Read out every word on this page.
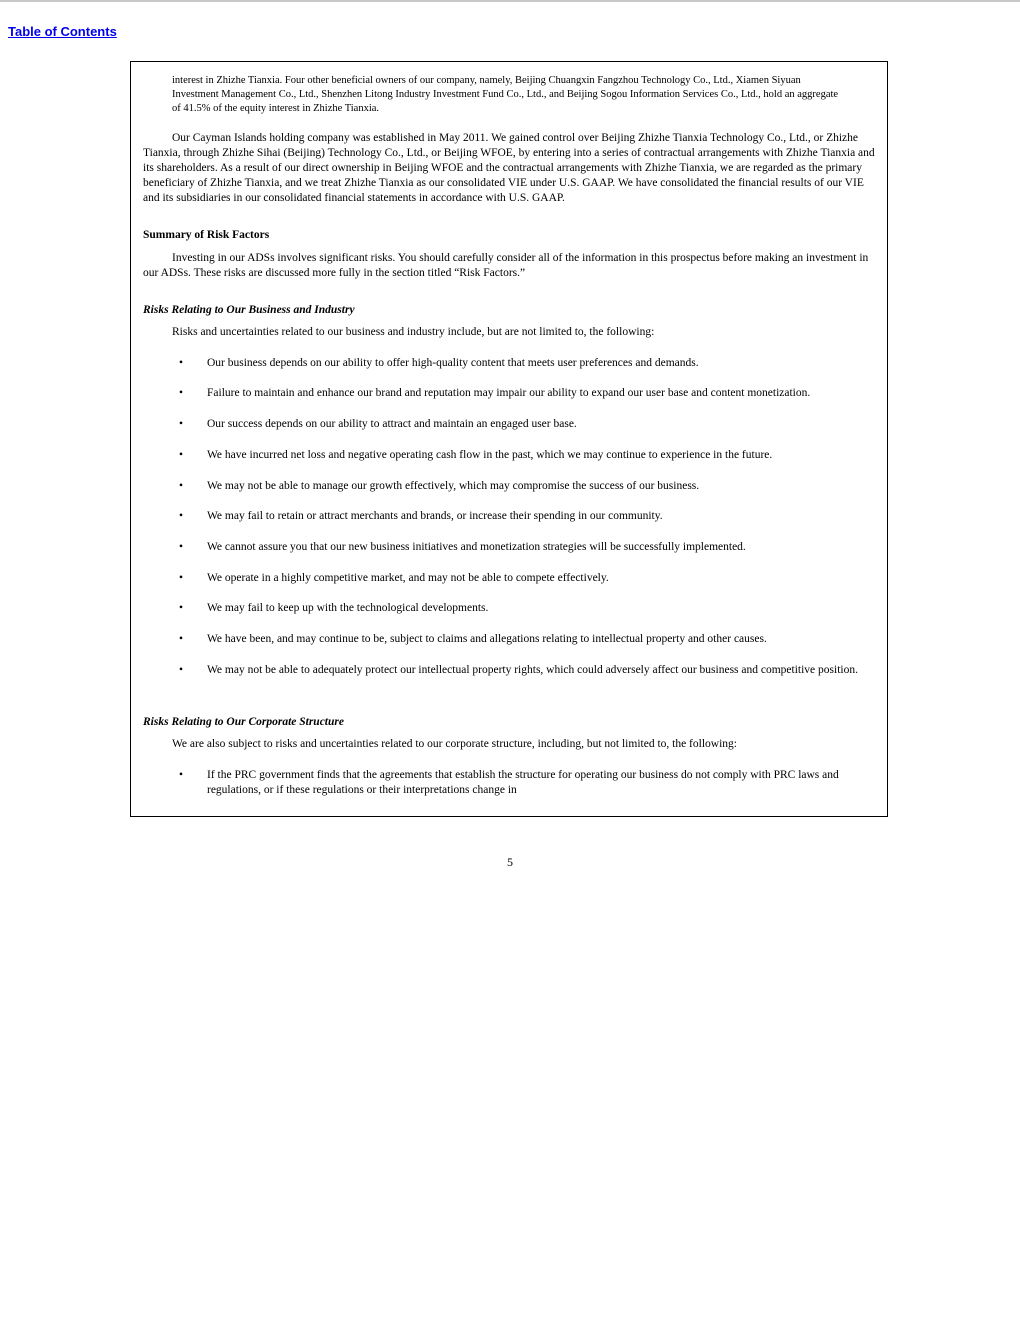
Table of Contents

interest in Zhizhe Tianxia. Four other beneficial owners of our company, namely, Beijing Chuangxin Fangzhou Technology Co., Ltd., Xiamen Siyuan Investment Management Co., Ltd., Shenzhen Litong Industry Investment Fund Co., Ltd., and Beijing Sogou Information Services Co., Ltd., hold an aggregate of 41.5% of the equity interest in Zhizhe Tianxia.

Our Cayman Islands holding company was established in May 2011. We gained control over Beijing Zhizhe Tianxia Technology Co., Ltd., or Zhizhe Tianxia, through Zhizhe Sihai (Beijing) Technology Co., Ltd., or Beijing WFOE, by entering into a series of contractual arrangements with Zhizhe Tianxia and its shareholders. As a result of our direct ownership in Beijing WFOE and the contractual arrangements with Zhizhe Tianxia, we are regarded as the primary beneficiary of Zhizhe Tianxia, and we treat Zhizhe Tianxia as our consolidated VIE under U.S. GAAP. We have consolidated the financial results of our VIE and its subsidiaries in our consolidated financial statements in accordance with U.S. GAAP.

Summary of Risk Factors

Investing in our ADSs involves significant risks. You should carefully consider all of the information in this prospectus before making an investment in our ADSs. These risks are discussed more fully in the section titled “Risk Factors.”

Risks Relating to Our Business and Industry

Risks and uncertainties related to our business and industry include, but are not limited to, the following:

• Our business depends on our ability to offer high-quality content that meets user preferences and demands.
• Failure to maintain and enhance our brand and reputation may impair our ability to expand our user base and content monetization.
• Our success depends on our ability to attract and maintain an engaged user base.
• We have incurred net loss and negative operating cash flow in the past, which we may continue to experience in the future.
• We may not be able to manage our growth effectively, which may compromise the success of our business.
• We may fail to retain or attract merchants and brands, or increase their spending in our community.
• We cannot assure you that our new business initiatives and monetization strategies will be successfully implemented.
• We operate in a highly competitive market, and may not be able to compete effectively.
• We may fail to keep up with the technological developments.
• We have been, and may continue to be, subject to claims and allegations relating to intellectual property and other causes.
• We may not be able to adequately protect our intellectual property rights, which could adversely affect our business and competitive position.

Risks Relating to Our Corporate Structure

We are also subject to risks and uncertainties related to our corporate structure, including, but not limited to, the following:

• If the PRC government finds that the agreements that establish the structure for operating our business do not comply with PRC laws and regulations, or if these regulations or their interpretations change in
5
